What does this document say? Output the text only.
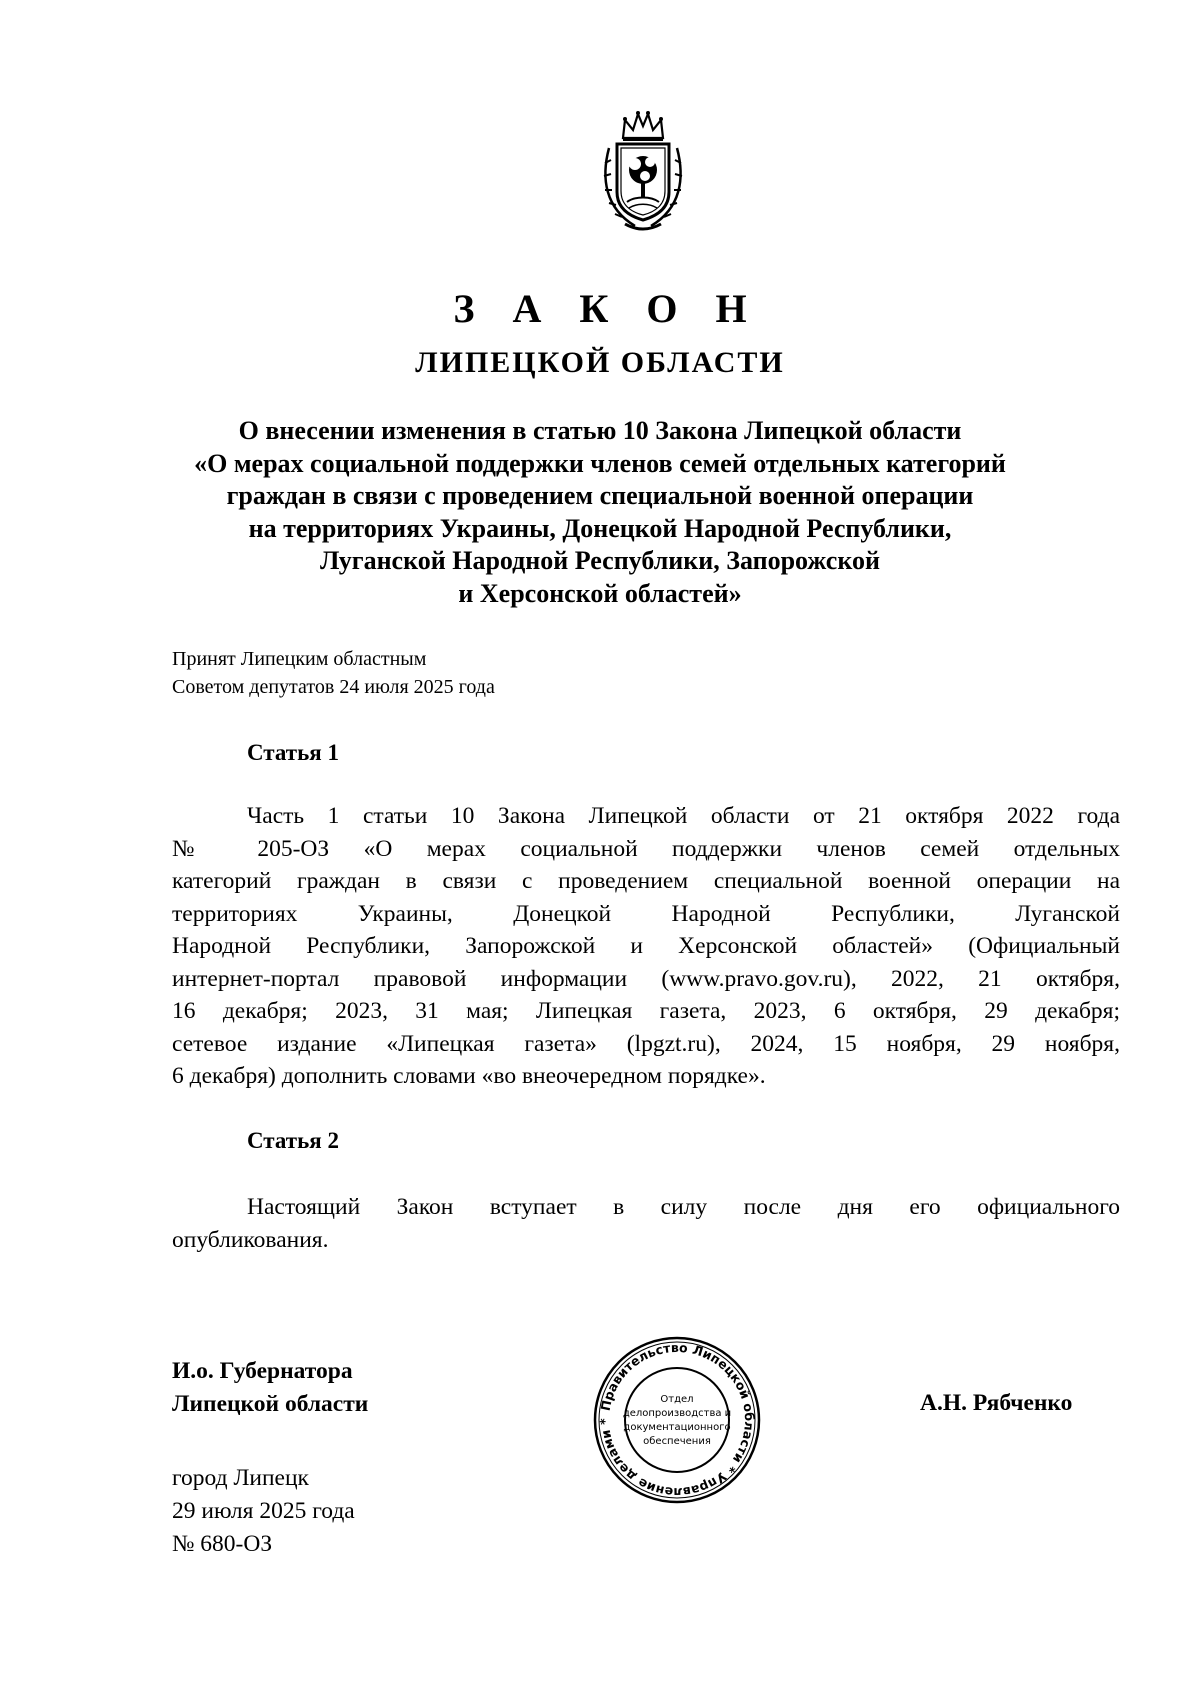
З А К О Н
ЛИПЕЦКОЙ ОБЛАСТИ
О внесении изменения в статью 10 Закона Липецкой области
«О мерах социальной поддержки членов семей отдельных категорий
граждан в связи с проведением специальной военной операции
на территориях Украины, Донецкой Народной Республики,
Луганской Народной Республики, Запорожской
и Херсонской областей»
Принят Липецким областным
Советом депутатов 24 июля 2025 года
Статья 1
Часть 1 статьи 10 Закона Липецкой области от 21 октября 2022 года
№ 205-ОЗ «О мерах социальной поддержки членов семей отдельных
категорий граждан в связи с проведением специальной военной операции на
территориях Украины, Донецкой Народной Республики, Луганской
Народной Республики, Запорожской и Херсонской областей» (Официальный
интернет-портал правовой информации (www.pravo.gov.ru), 2022, 21 октября,
16 декабря; 2023, 31 мая; Липецкая газета, 2023, 6 октября, 29 декабря;
сетевое издание «Липецкая газета» (lpgzt.ru), 2024, 15 ноября, 29 ноября,
6 декабря) дополнить словами «во внеочередном порядке».
Статья 2
Настоящий Закон вступает в силу после дня его официального
опубликования.
И.о. Губернатора
Липецкой области	Правительство Липецкой области * Управление делами *
Отдел
делопроизводства и
документационного
обеспечения
А.Н. Рябченко
город Липецк
29 июля 2025 года
№ 680-ОЗ
